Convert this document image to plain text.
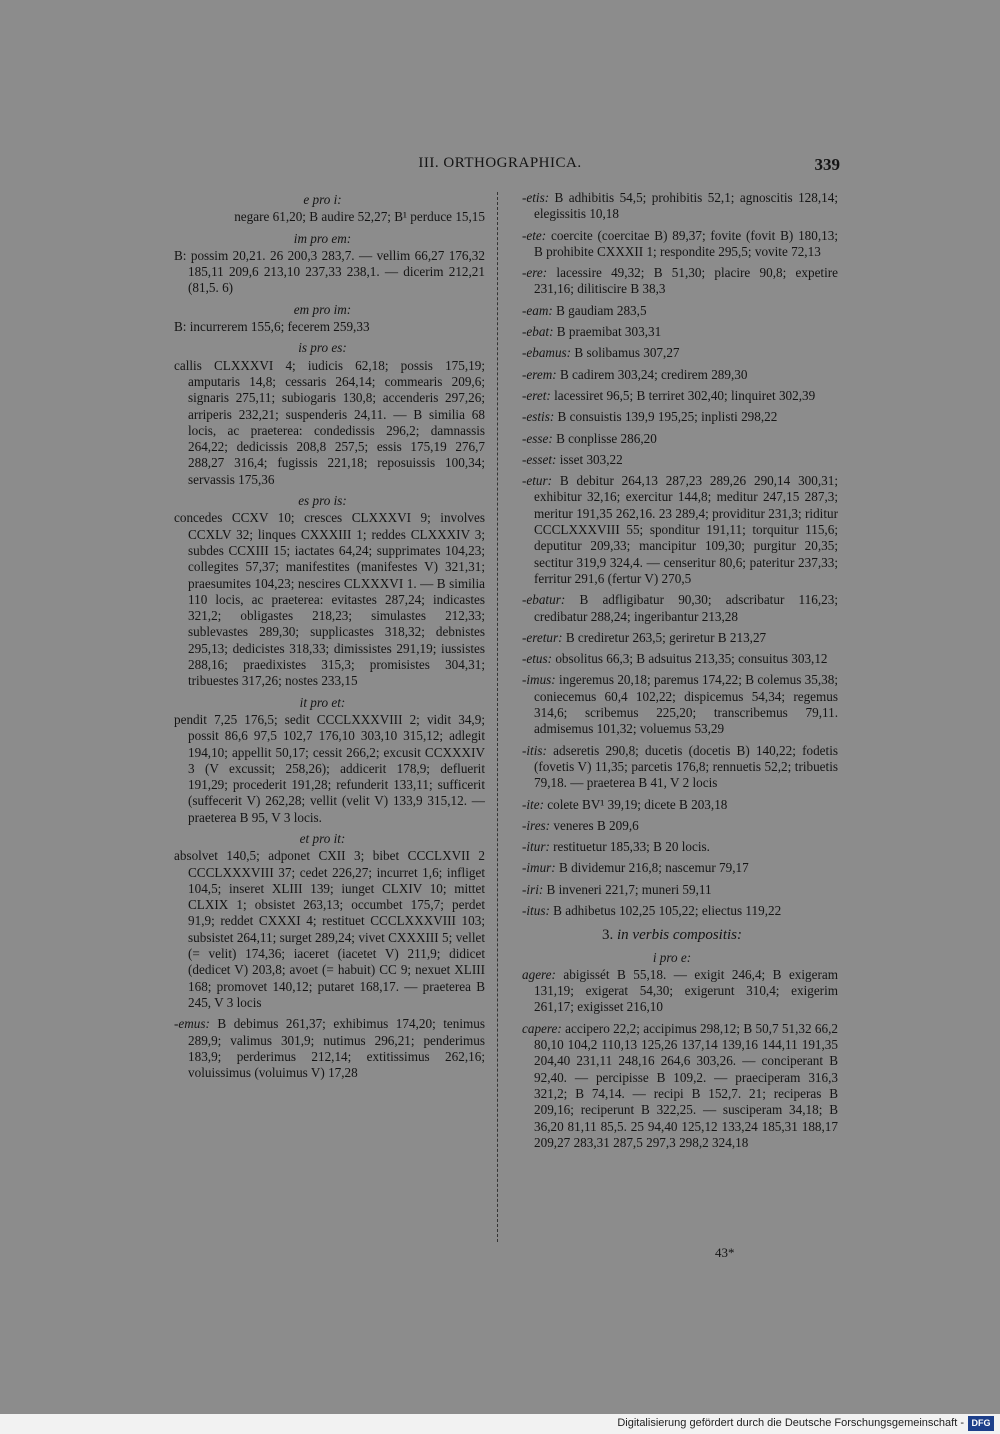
III. ORTHOGRAPHICA.	339
e pro i:
negare 61,20; B audire 52,27; B¹ perduce 15,15
im pro em:
B: possim 20,21. 26 200,3 283,7. — vellim 66,27 176,32 185,11 209,6 213,10 237,33 238,1. — dicerim 212,21 (81,5. 6)
em pro im:
B: incurrerem 155,6; fecerem 259,33
is pro es:
callis CLXXXVI 4; iudicis 62,18; possis 175,19; amputaris 14,8; cessaris 264,14; commearis 209,6; signaris 275,11; subiogaris 130,8; accenderis 297,26; arriperis 232,21; suspenderis 24,11. — B similia 68 locis, ac praeterea: condedissis 296,2; damnassis 264,22; dedicissis 208,8 257,5; essis 175,19 276,7 288,27 316,4; fugissis 221,18; reposuissis 100,34; servassis 175,36
es pro is:
concedes CCXV 10; cresces CLXXXVI 9; involves CCXLV 32; linques CXXXIII 1; reddes CLXXXIV 3; subdes CCXIII 15; iactates 64,24; supprimates 104,23; collegites 57,37; manifestites (manifestes V) 321,31; praesumites 104,23; nescires CLXXXVI 1. — B similia 110 locis, ac praeterea: evitastes 287,24; indicastes 321,2; obligastes 218,23; simulastes 212,33; sublevastes 289,30; supplicastes 318,32; debnistes 295,13; dedicistes 318,33; dimissistes 291,19; iussistes 288,16; praedixistes 315,3; promisistes 304,31; tribuestes 317,26; nostes 233,15
it pro et:
pendit 7,25 176,5; sedit CCCLXXXVIII 2; vidit 34,9; possit 86,6 97,5 102,7 176,10 303,10 315,12; adlegit 194,10; appellit 50,17; cessit 266,2; excusit CCXXXIV 3 (V excussit; 258,26); addicerit 178,9; defluerit 191,29; procederit 191,28; refunderit 133,11; sufficerit (suffecerit V) 262,28; vellit (velit V) 133,9 315,12. — praeterea B 95, V 3 locis.
et pro it:
absolvet 140,5; adponet CXII 3; bibet CCCLXVII 2 CCCLXXXVIII 37; cedet 226,27; incurret 1,6; infliget 104,5; inseret XLIII 139; iunget CLXIV 10; mittet CLXIX 1; obsistet 263,13; occumbet 175,7; perdet 91,9; reddet CXXXI 4; restituet CCCLXXXVIII 103; subsistet 264,11; surget 289,24; vivet CXXXIII 5; vellet (= velit) 174,36; iaceret (iacetet V) 211,9; didicet (dedicet V) 203,8; avoet (= habuit) CC 9; nexuet XLIII 168; promovet 140,12; putaret 168,17. — praeterea B 245, V 3 locis
-emus: B debimus 261,37; exhibimus 174,20; tenimus 289,9; valimus 301,9; nutimus 296,21; penderimus 183,9; perderimus 212,14; extitissimus 262,16; voluissimus (voluimus V) 17,28
-etis: B adhibitis 54,5; prohibitis 52,1; agnoscitis 128,14; elegissitis 10,18
-ete: coercite (coercitae B) 89,37; fovite (fovit B) 180,13; B prohibite CXXXII 1; respondite 295,5; vovite 72,13
-ere: lacessire 49,32; B 51,30; placire 90,8; expetire 231,16; dilitiscire B 38,3
-eam: B gaudiam 283,5
-ebat: B praemibat 303,31
-ebamus: B solibamus 307,27
-erem: B cadirem 303,24; credirem 289,30
-eret: lacessiret 96,5; B terriret 302,40; linquiret 302,39
-estis: B consuistis 139,9 195,25; inplisti 298,22
-esse: B conplisse 286,20
-esset: isset 303,22
-etur: B debitur 264,13 287,23 289,26 290,14 300,31; exhibitur 32,16; exercitur 144,8; meditur 247,15 287,3; meritur 191,35 262,16. 23 289,4; providitur 231,3; riditur CCCLXXXVIII 55; sponditur 191,11; torquitur 115,6; deputitur 209,33; mancipitur 109,30; purgitur 20,35; sectitur 319,9 324,4. — censeritur 80,6; pateritur 237,33; ferritur 291,6 (fertur V) 270,5
-ebatur: B adfligibatur 90,30; adscribatur 116,23; credibatur 288,24; ingeribantur 213,28
-eretur: B crediretur 263,5; geriretur B 213,27
-etus: obsolitus 66,3; B adsuitus 213,35; consuitus 303,12
-imus: ingeremus 20,18; paremus 174,22; B colemus 35,38; coniecemus 60,4 102,22; dispicemus 54,34; regemus 314,6; scribemus 225,20; transcribemus 79,11. admisemus 101,32; voluemus 53,29
-itis: adseretis 290,8; ducetis (docetis B) 140,22; fodetis (fovetis V) 11,35; parcetis 176,8; rennuetis 52,2; tribuetis 79,18. — praeterea B 41, V 2 locis
-ite: colete BV¹ 39,19; dicete B 203,18
-ires: veneres B 209,6
-itur: restituetur 185,33; B 20 locis.
-imur: B dividemur 216,8; nascemur 79,17
-iri: B inveneri 221,7; muneri 59,11
-itus: B adhibetus 102,25 105,22; eliectus 119,22
3. in verbis compositis:
i pro e:
agere: abigissét B 55,18. — exigit 246,4; B exigeram 131,19; exigerat 54,30; exigerunt 310,4; exigerim 261,17; exigisset 216,10
capere: accipero 22,2; accipimus 298,12; B 50,7 51,32 66,2 80,10 104,2 110,13 125,26 137,14 139,16 144,11 191,35 204,40 231,11 248,16 264,6 303,26. — conciperant B 92,40. — percipisse B 109,2. — praeciperam 316,3 321,2; B 74,14. — recipi B 152,7. 21; reciperas B 209,16; reciperunt B 322,25. — susciperam 34,18; B 36,20 81,11 85,5. 25 94,40 125,12 133,24 185,31 188,17 209,27 283,31 287,5 297,3 298,2 324,18
43*
Digitalisierung gefördert durch die Deutsche Forschungsgemeinschaft - DFG
